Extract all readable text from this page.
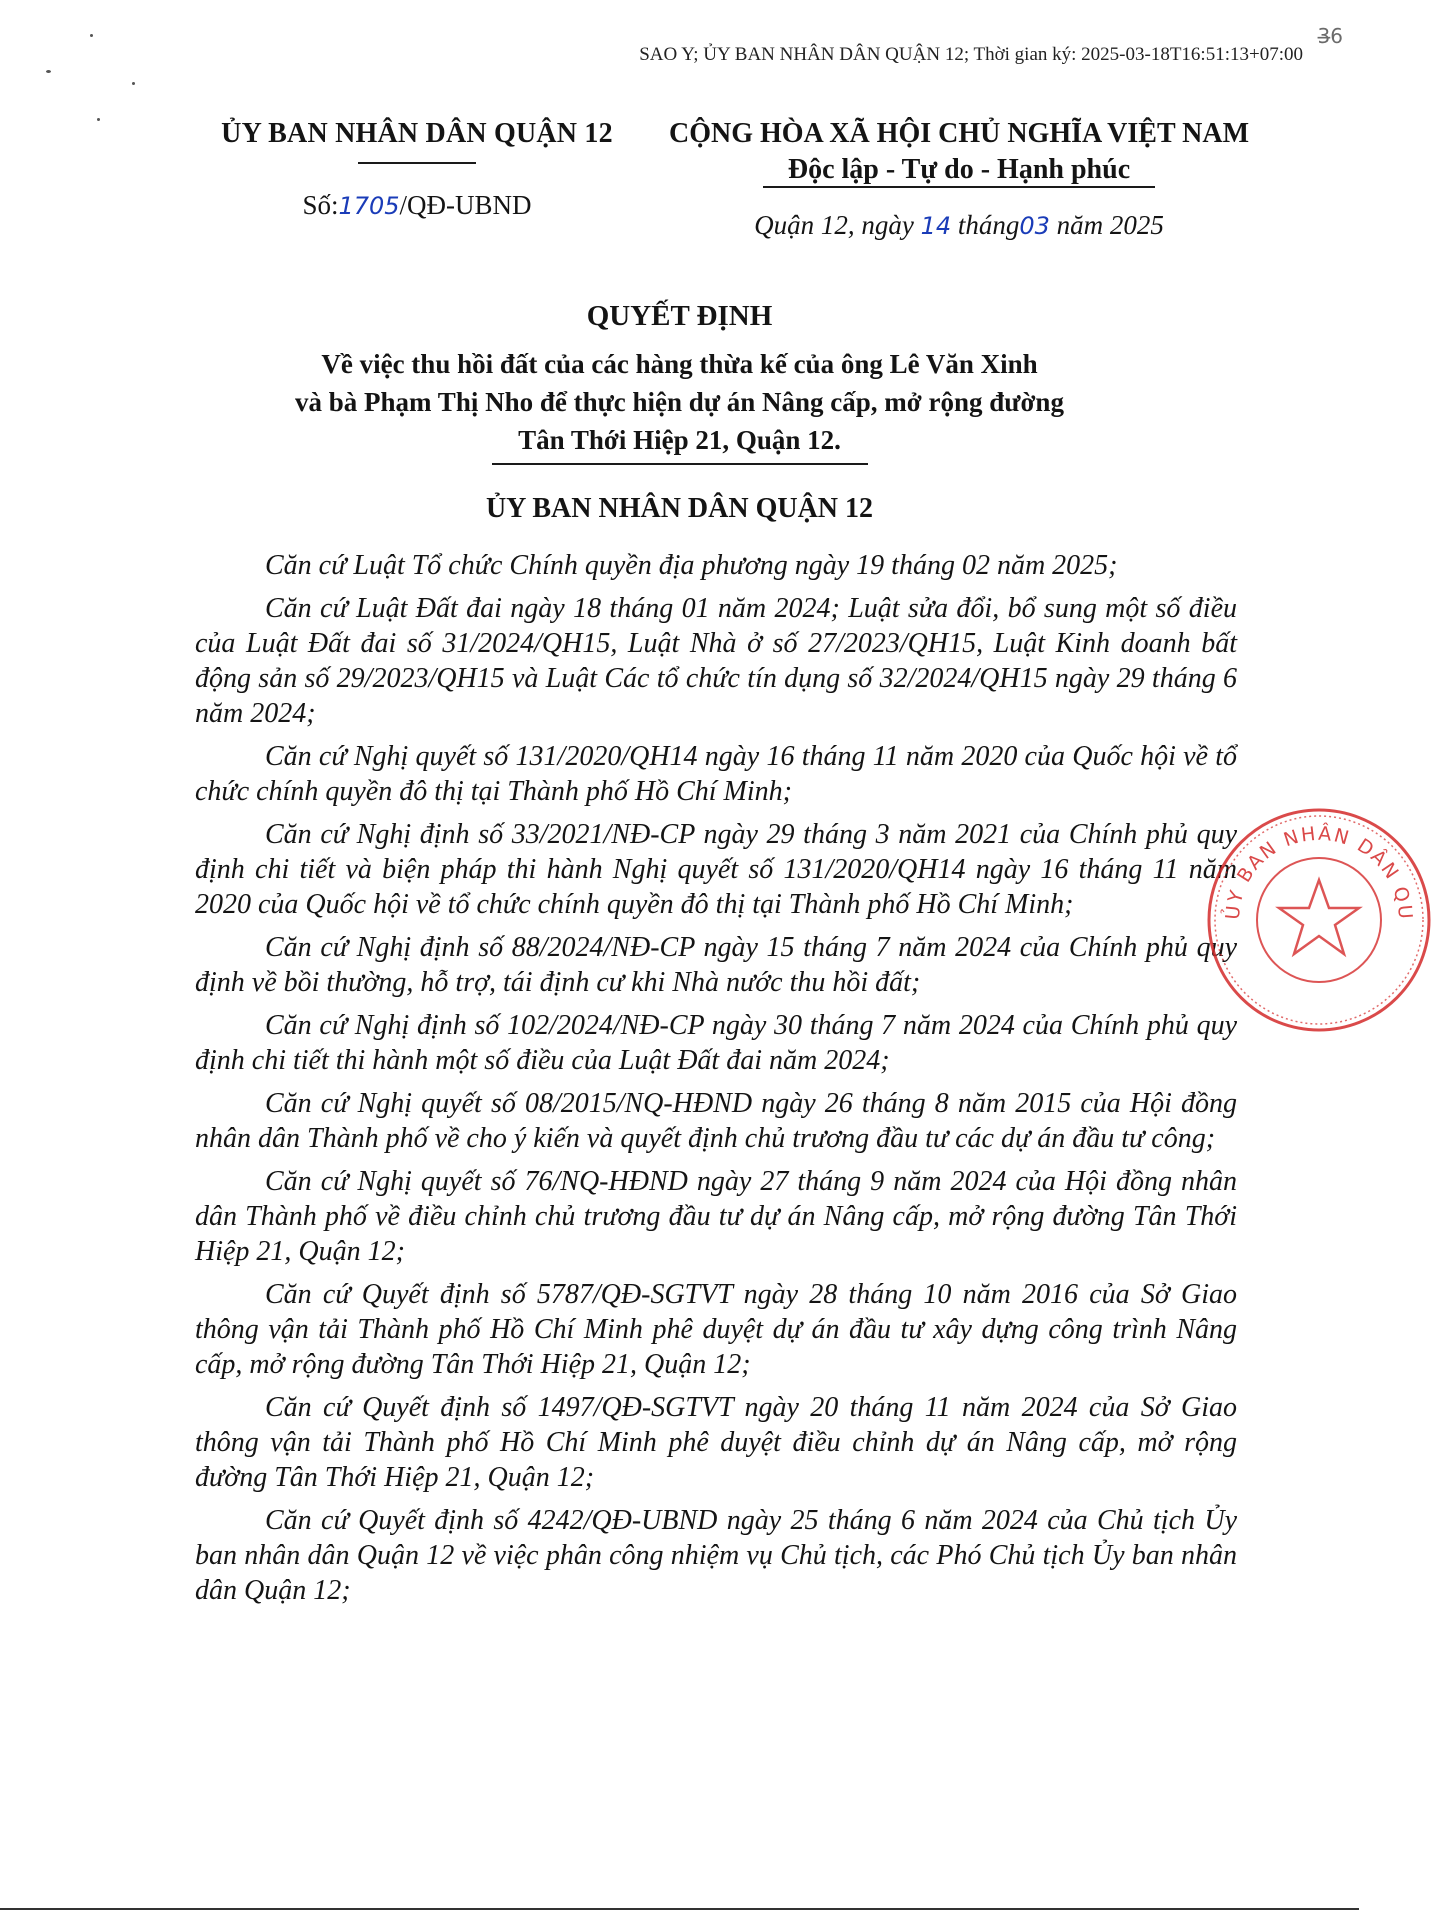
SAO Y; ỦY BAN NHÂN DÂN QUẬN 12; Thời gian ký: 2025-03-18T16:51:13+07:00
3̶6
ỦY BAN NHÂN DÂN QUẬN 12
Số:1705/QĐ-UBND
CỘNG HÒA XÃ HỘI CHỦ NGHĨA VIỆT NAM
Độc lập - Tự do - Hạnh phúc
Quận 12, ngày 14 tháng03 năm 2025
QUYẾT ĐỊNH
Về việc thu hồi đất của các hàng thừa kế của ông Lê Văn Xinh
và bà Phạm Thị Nho để thực hiện dự án Nâng cấp, mở rộng đường
Tân Thới Hiệp 21, Quận 12.
ỦY BAN NHÂN DÂN QUẬN 12

Căn cứ Luật Tổ chức Chính quyền địa phương ngày 19 tháng 02 năm 2025;

Căn cứ Luật Đất đai ngày 18 tháng 01 năm 2024; Luật sửa đổi, bổ sung một số điều của Luật Đất đai số 31/2024/QH15, Luật Nhà ở số 27/2023/QH15, Luật Kinh doanh bất động sản số 29/2023/QH15 và Luật Các tổ chức tín dụng số 32/2024/QH15 ngày 29 tháng 6 năm 2024;

Căn cứ Nghị quyết số 131/2020/QH14 ngày 16 tháng 11 năm 2020 của Quốc hội về tổ chức chính quyền đô thị tại Thành phố Hồ Chí Minh;

Căn cứ Nghị định số 33/2021/NĐ-CP ngày 29 tháng 3 năm 2021 của Chính phủ quy định chi tiết và biện pháp thi hành Nghị quyết số 131/2020/QH14 ngày 16 tháng 11 năm 2020 của Quốc hội về tổ chức chính quyền đô thị tại Thành phố Hồ Chí Minh;

Căn cứ Nghị định số 88/2024/NĐ-CP ngày 15 tháng 7 năm 2024 của Chính phủ quy định về bồi thường, hỗ trợ, tái định cư khi Nhà nước thu hồi đất;

Căn cứ Nghị định số 102/2024/NĐ-CP ngày 30 tháng 7 năm 2024 của Chính phủ quy định chi tiết thi hành một số điều của Luật Đất đai năm 2024;

Căn cứ Nghị quyết số 08/2015/NQ-HĐND ngày 26 tháng 8 năm 2015 của Hội đồng nhân dân Thành phố về cho ý kiến và quyết định chủ trương đầu tư các dự án đầu tư công;

Căn cứ Nghị quyết số 76/NQ-HĐND ngày 27 tháng 9 năm 2024 của Hội đồng nhân dân Thành phố về điều chỉnh chủ trương đầu tư dự án Nâng cấp, mở rộng đường Tân Thới Hiệp 21, Quận 12;

Căn cứ Quyết định số 5787/QĐ-SGTVT ngày 28 tháng 10 năm 2016 của Sở Giao thông vận tải Thành phố Hồ Chí Minh phê duyệt dự án đầu tư xây dựng công trình Nâng cấp, mở rộng đường Tân Thới Hiệp 21, Quận 12;

Căn cứ Quyết định số 1497/QĐ-SGTVT ngày 20 tháng 11 năm 2024 của Sở Giao thông vận tải Thành phố Hồ Chí Minh phê duyệt điều chỉnh dự án Nâng cấp, mở rộng đường Tân Thới Hiệp 21, Quận 12;

Căn cứ Quyết định số 4242/QĐ-UBND ngày 25 tháng 6 năm 2024 của Chủ tịch Ủy ban nhân dân Quận 12 về việc phân công nhiệm vụ Chủ tịch, các Phó Chủ tịch Ủy ban nhân dân Quận 12;

ỦY BAN NHÂN DÂN QU
